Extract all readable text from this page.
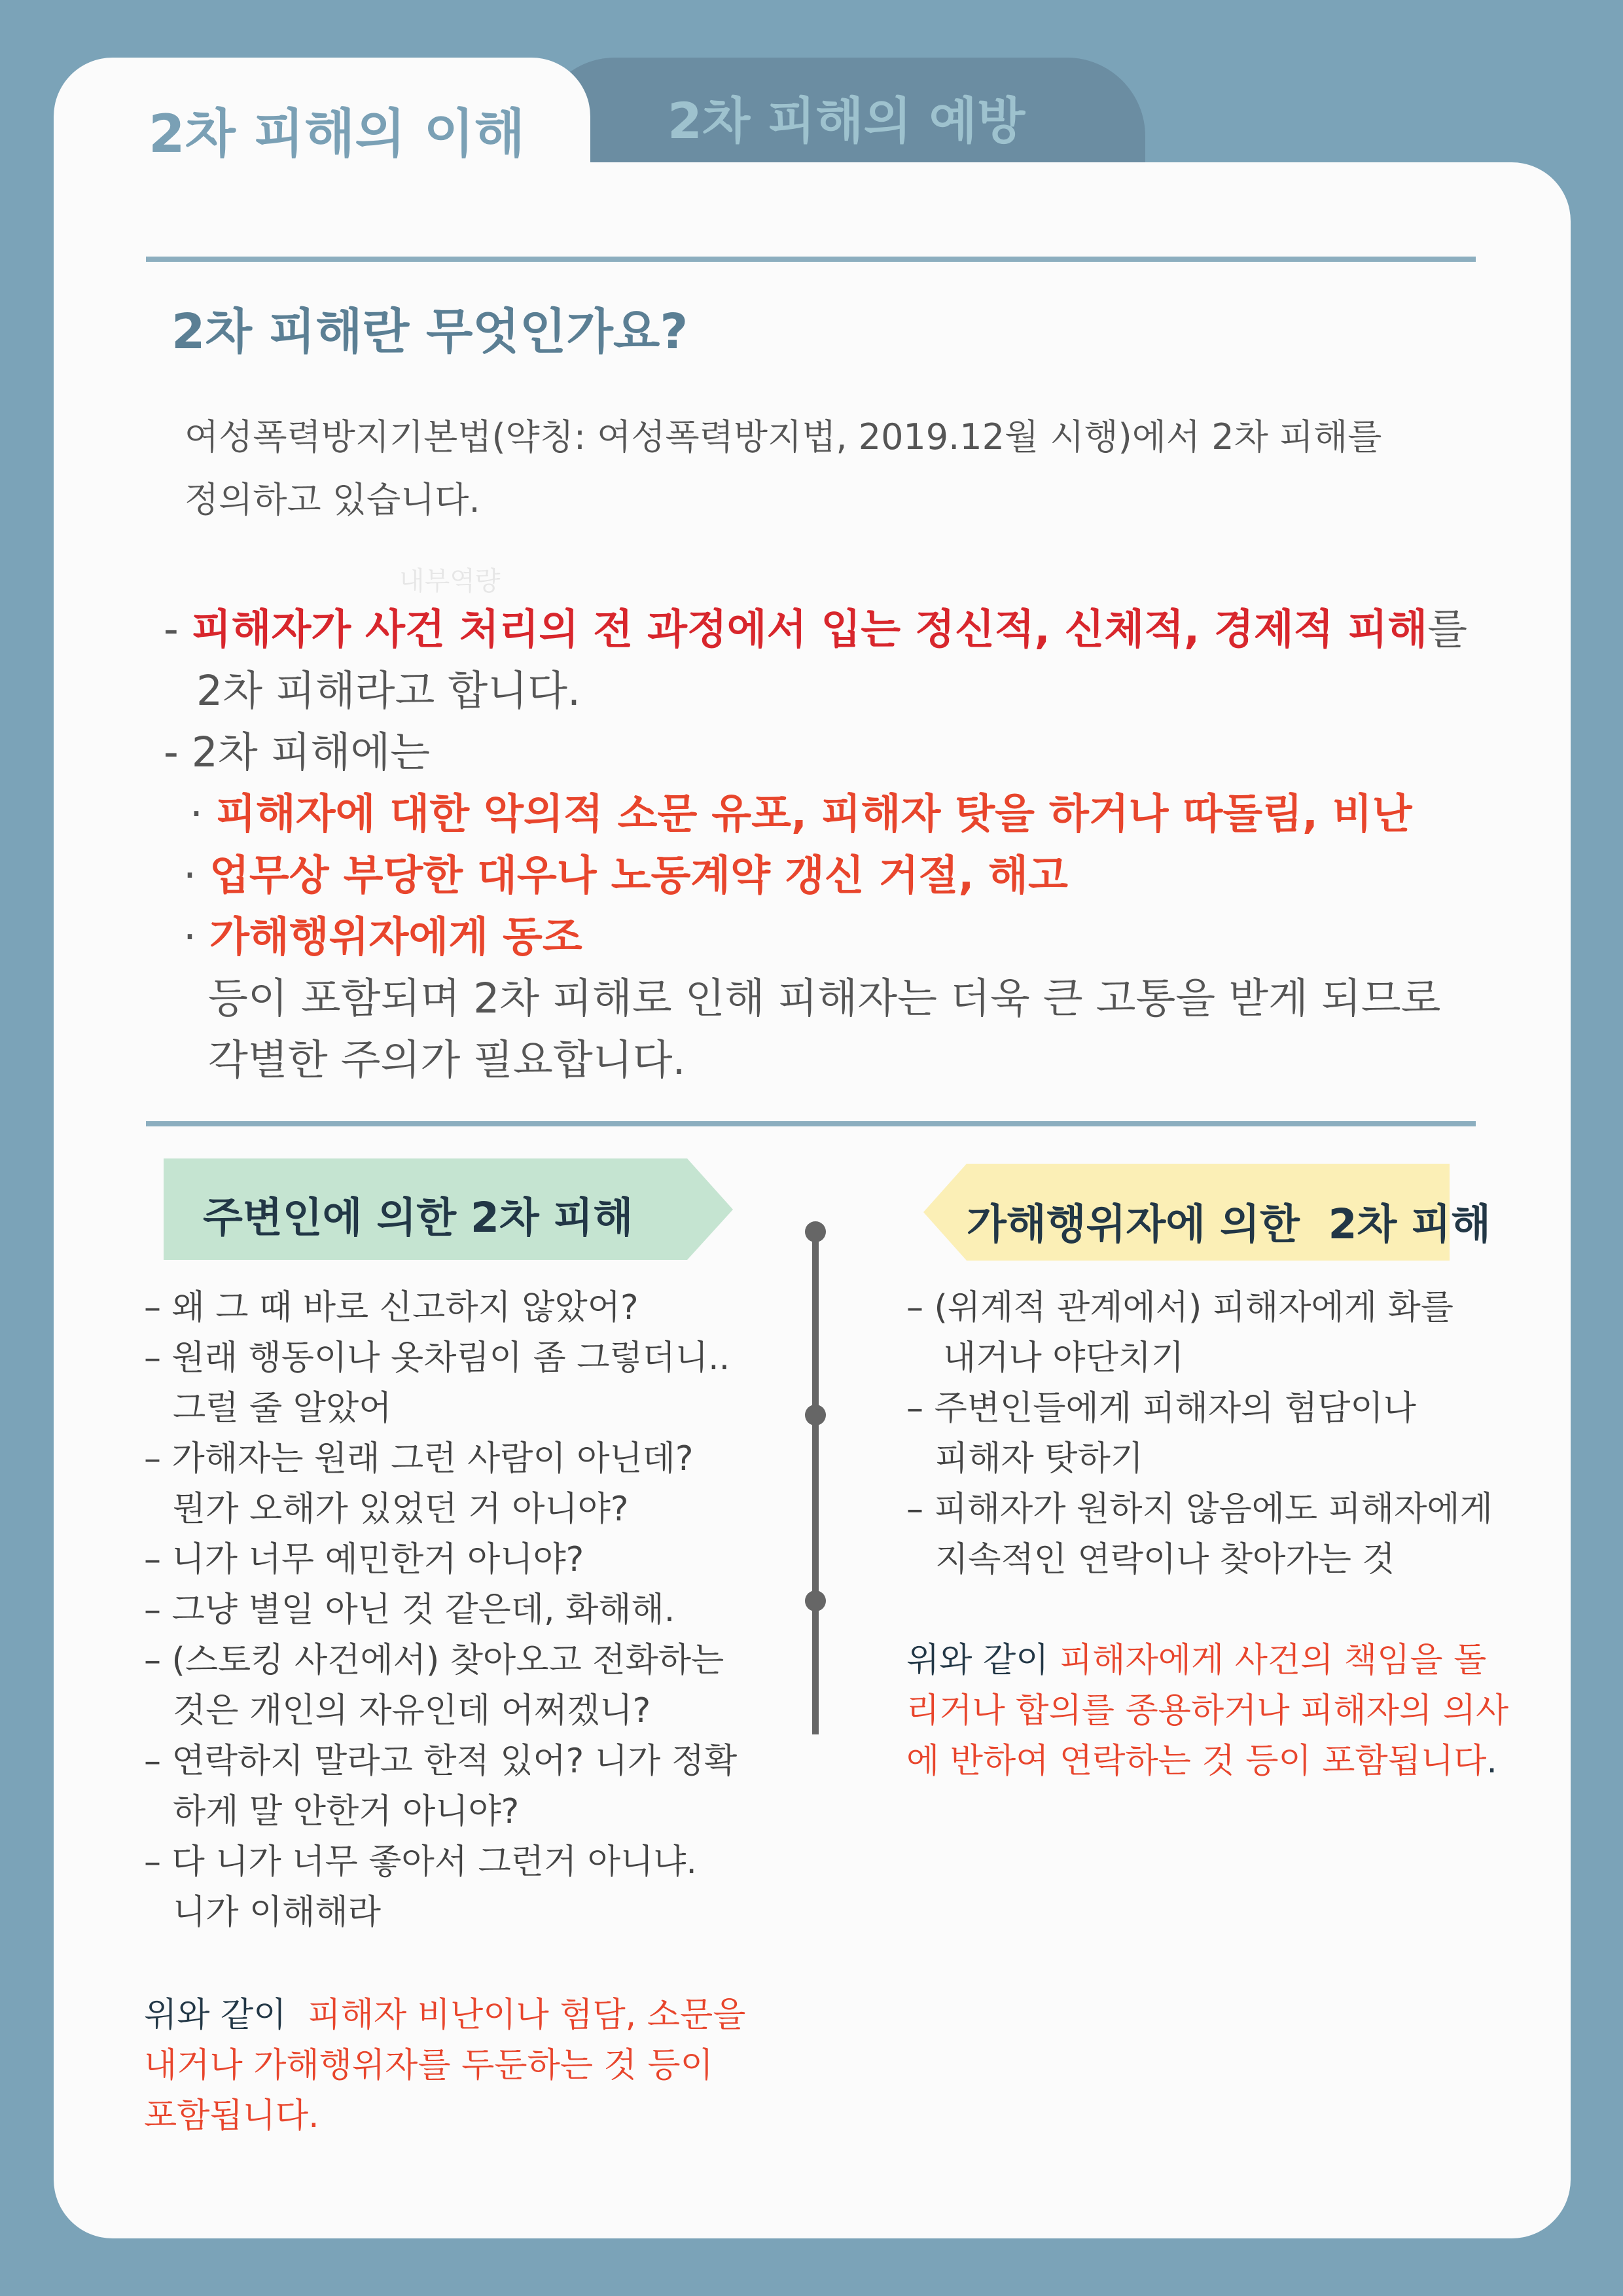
2차 피해의 예방
2차 피해의 이해
2차 피해란 무엇인가요?

여성폭력방지기본법(약칭: 여성폭력방지법, 2019.12월 시행)에서 2차 피해를

정의하고 있습니다.

내부역량
- 피해자가 사건 처리의 전 과정에서 입는 정신적, 신체적, 경제적 피해를
2차 피해라고 합니다.
- 2차 피해에는
· 피해자에 대한 악의적 소문 유포, 피해자 탓을 하거나 따돌림, 비난
· 업무상 부당한 대우나 노동계약 갱신 거절, 해고
· 가해행위자에게 동조
등이 포함되며 2차 피해로 인해 피해자는 더욱 큰 고통을 받게 되므로
각별한 주의가 필요합니다.
주변인에 의한 2차 피해	가해행위자에 의한  2차 피해
– 왜 그 때 바로 신고하지 않았어?
– 원래 행동이나 옷차림이 좀 그렇더니..
그럴 줄 알았어
– 가해자는 원래 그런 사람이 아닌데?
뭔가 오해가 있었던 거 아니야?
– 니가 너무 예민한거 아니야?
– 그냥 별일 아닌 것 같은데, 화해해.
– (스토킹 사건에서) 찾아오고 전화하는
것은 개인의 자유인데 어쩌겠니?
– 연락하지 말라고 한적 있어? 니가 정확
하게 말 안한거 아니야?
– 다 니가 너무 좋아서 그런거 아니냐.
니가 이해해라
위와 같이 피해자 비난이나 험담, 소문을
내거나 가해행위자를 두둔하는 것 등이
포함됩니다.
– (위계적 관계에서) 피해자에게 화를
내거나 야단치기
– 주변인들에게 피해자의 험담이나
피해자 탓하기
– 피해자가 원하지 않음에도 피해자에게
지속적인 연락이나 찾아가는 것
위와 같이 피해자에게 사건의 책임을 돌
리거나 합의를 종용하거나 피해자의 의사
에 반하여 연락하는 것 등이 포함됩니다.
